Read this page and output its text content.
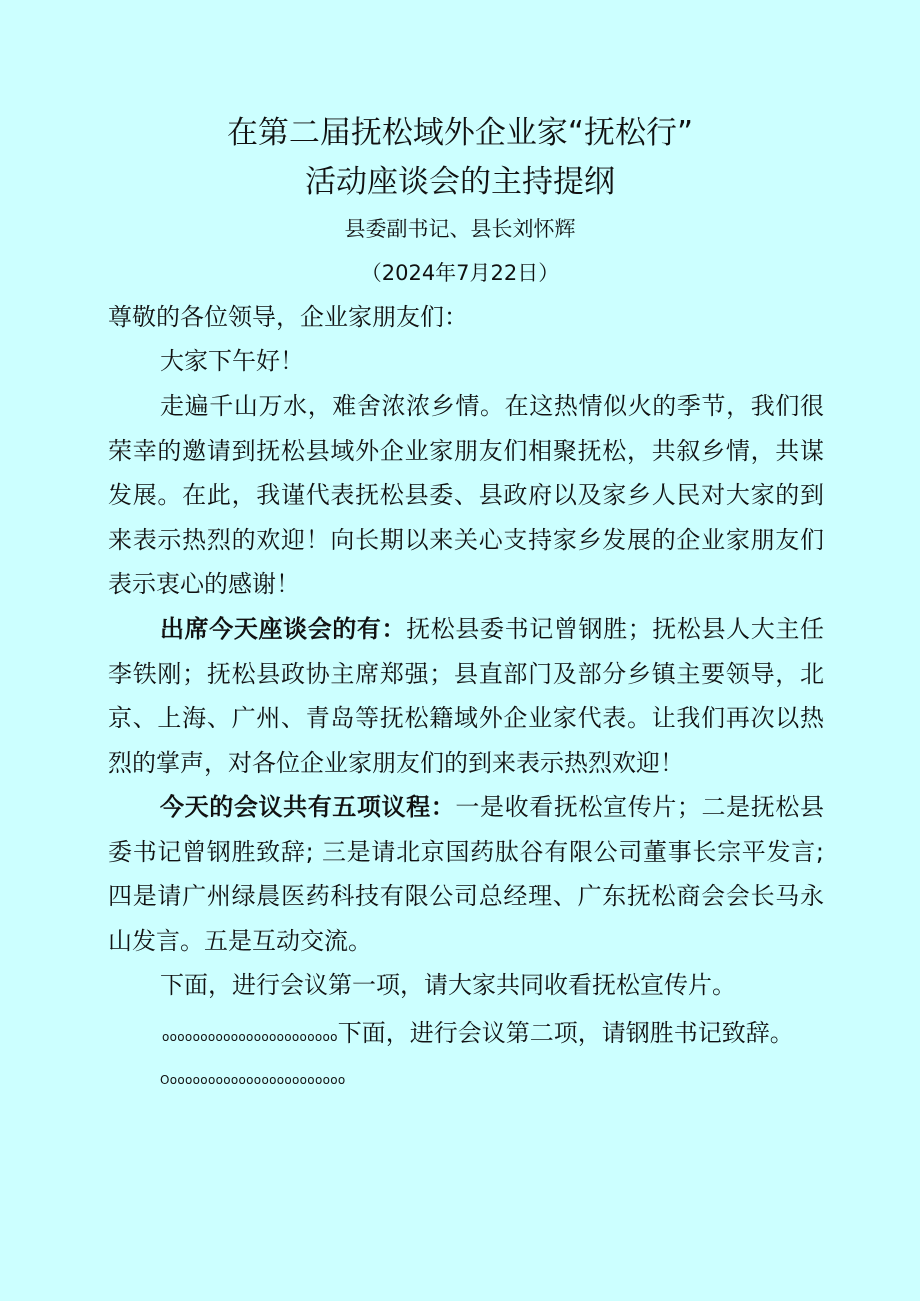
在第二届抚松域外企业家“抚松行”
活动座谈会的主持提纲
县委副书记、县长刘怀辉
（2024年7月22日）
尊敬的各位领导，企业家朋友们：

大家下午好！

走遍千山万水，难舍浓浓乡情。在这热情似火的季节，我们很荣幸的邀请到抚松县域外企业家朋友们相聚抚松，共叙乡情，共谋发展。在此，我谨代表抚松县委、县政府以及家乡人民对大家的到来表示热烈的欢迎！向长期以来关心支持家乡发展的企业家朋友们表示衷心的感谢！

出席今天座谈会的有：抚松县委书记曾钢胜；抚松县人大主任李铁刚；抚松县政协主席郑强；县直部门及部分乡镇主要领导，北京、上海、广州、青岛等抚松籍域外企业家代表。让我们再次以热烈的掌声，对各位企业家朋友们的到来表示热烈欢迎！

今天的会议共有五项议程：一是收看抚松宣传片；二是抚松县委书记曾钢胜致辞; 三是请北京国药肽谷有限公司董事长宗平发言; 四是请广州绿晨医药科技有限公司总经理、广东抚松商会会长马永山发言。五是互动交流。

下面，进行会议第一项，请大家共同收看抚松宣传片。

ooooooooooooooooooooooo下面，进行会议第二项，请钢胜书记致辞。
Oooooooooooooooooooooooo
